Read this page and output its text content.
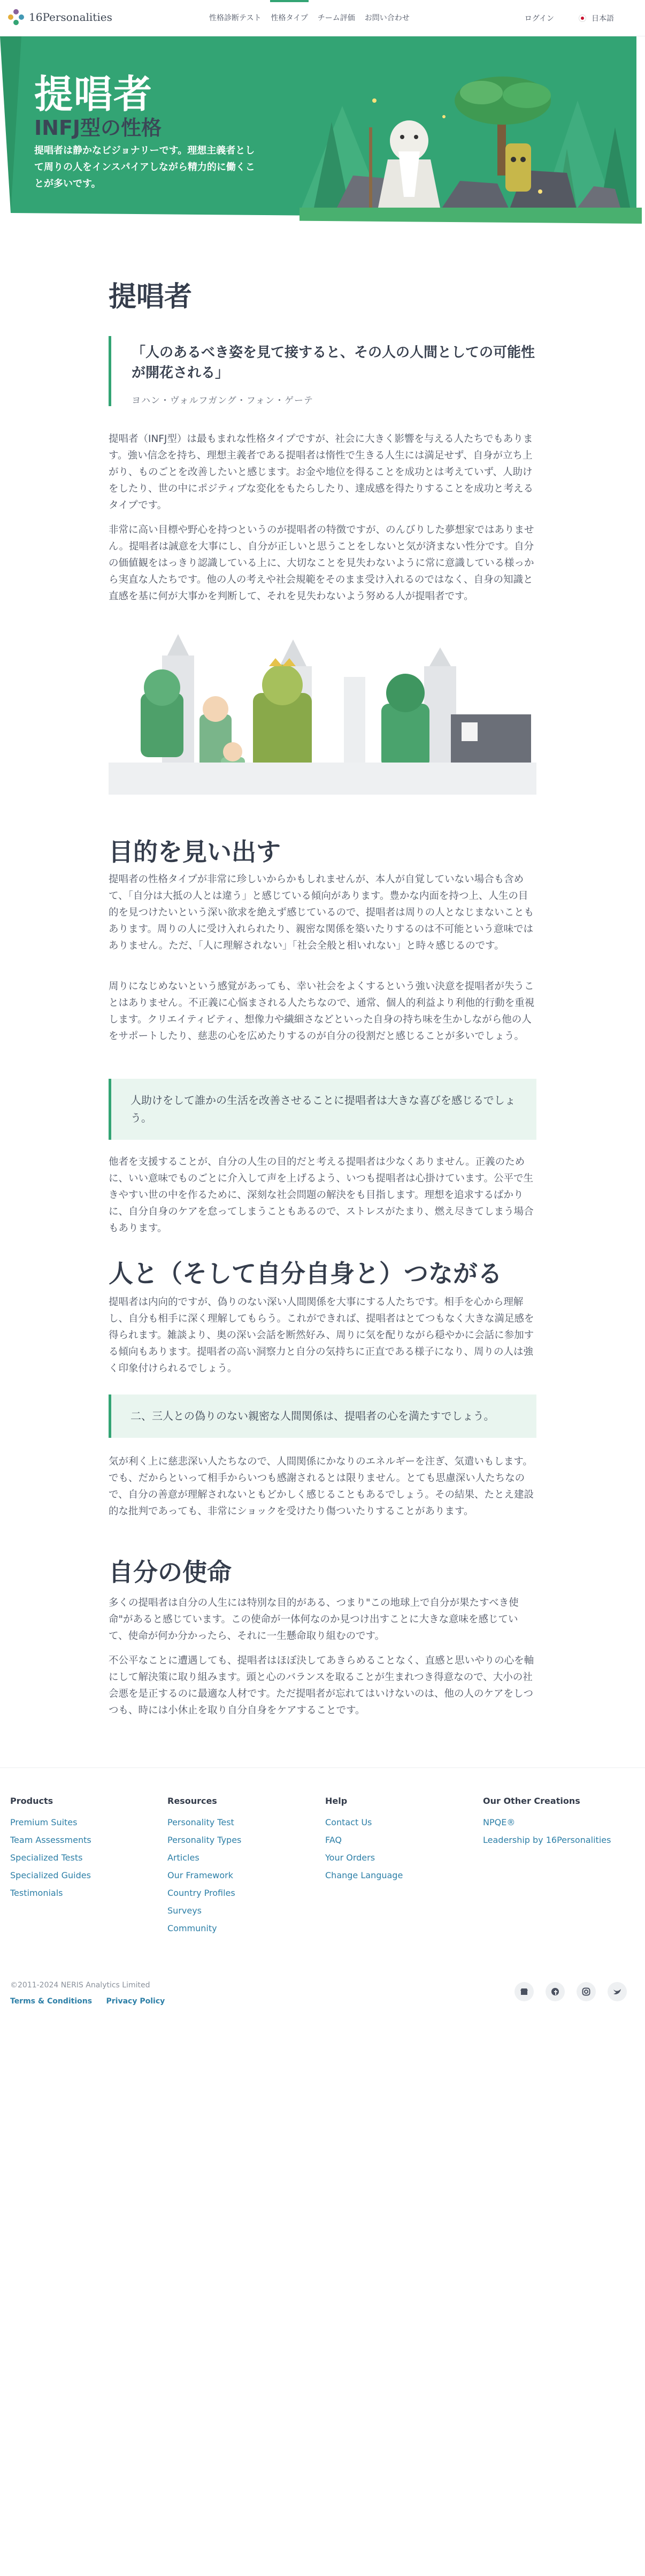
16Personalities	性格診断テスト	性格タイプ	チーム評価	お問い合わせ	ログイン	日本語
提唱者
INFJ型の性格

提唱者は静かなビジョナリーです。理想主義者として周りの人をインスパイアしながら精力的に働くことが多いです。

提唱者
「人のあるべき姿を見て接すると、その人の人間としての可能性が開花される」
ヨハン・ヴォルフガング・フォン・ゲーテ

提唱者（INFJ型）は最もまれな性格タイプですが、社会に大きく影響を与える人たちでもあります。強い信念を持ち、理想主義者である提唱者は惰性で生きる人生には満足せず、自身が立ち上がり、ものごとを改善したいと感じます。お金や地位を得ることを成功とは考えていず、人助けをしたり、世の中にポジティブな変化をもたらしたり、達成感を得たりすることを成功と考えるタイプです。

非常に高い目標や野心を持つというのが提唱者の特徴ですが、のんびりした夢想家ではありません。提唱者は誠意を大事にし、自分が正しいと思うことをしないと気が済まない性分です。自分の価値観をはっきり認識している上に、大切なことを見失わないように常に意識している様っから実直な人たちです。他の人の考えや社会規範をそのまま受け入れるのではなく、自身の知識と直感を基に何が大事かを判断して、それを見失わないよう努める人が提唱者です。

目的を見い出す

提唱者の性格タイプが非常に珍しいからかもしれませんが、本人が自覚していない場合も含めて、「自分は大抵の人とは違う」と感じている傾向があります。豊かな内面を持つ上、人生の目的を見つけたいという深い欲求を絶えず感じているので、提唱者は周りの人となじまないこともあります。周りの人に受け入れられたり、親密な関係を築いたりするのは不可能という意味ではありません。ただ、「人に理解されない」「社会全般と相いれない」と時々感じるのです。

周りになじめないという感覚があっても、幸い社会をよくするという強い決意を提唱者が失うことはありません。不正義に心悩まされる人たちなので、通常、個人的利益より利他的行動を重視します。クリエイティビティ、想像力や繊細さなどといった自身の持ち味を生かしながら他の人をサポートしたり、慈悲の心を広めたりするのが自分の役割だと感じることが多いでしょう。

人助けをして誰かの生活を改善させることに提唱者は大きな喜びを感じるでしょう。

他者を支援することが、自分の人生の目的だと考える提唱者は少なくありません。正義のために、いい意味でものごとに介入して声を上げるよう、いつも提唱者は心掛けています。公平で生きやすい世の中を作るために、深刻な社会問題の解決をも目指します。理想を追求するばかりに、自分自身のケアを怠ってしまうこともあるので、ストレスがたまり、燃え尽きてしまう場合もあります。

人と（そして自分自身と）つながる

提唱者は内向的ですが、偽りのない深い人間関係を大事にする人たちです。相手を心から理解し、自分も相手に深く理解してもらう。これができれば、提唱者はとてつもなく大きな満足感を得られます。雑談より、奥の深い会話を断然好み、周りに気を配りながら穏やかに会話に参加する傾向もあります。提唱者の高い洞察力と自分の気持ちに正直である様子になり、周りの人は強く印象付けられるでしょう。

二、三人との偽りのない親密な人間関係は、提唱者の心を満たすでしょう。

気が利く上に慈悲深い人たちなので、人間関係にかなりのエネルギーを注ぎ、気遣いもします。でも、だからといって相手からいつも感謝されるとは限りません。とても思慮深い人たちなので、自分の善意が理解されないともどかしく感じることもあるでしょう。その結果、たとえ建設的な批判であっても、非常にショックを受けたり傷ついたりすることがあります。

自分の使命

多くの提唱者は自分の人生には特別な目的がある、つまり"この地球上で自分が果たすべき使命"があると感じています。この使命が一体何なのか見つけ出すことに大きな意味を感じていて、使命が何か分かったら、それに一生懸命取り組むのです。

不公平なことに遭遇しても、提唱者はほぼ決してあきらめることなく、直感と思いやりの心を軸にして解決策に取り組みます。頭と心のバランスを取ることが生まれつき得意なので、大小の社会悪を是正するのに最適な人材です。ただ提唱者が忘れてはいけないのは、他の人のケアをしつつも、時には小休止を取り自分自身をケアすることです。

Products
Premium Suites
Team Assessments
Specialized Tests
Specialized Guides
Testimonials
Resources
Personality Test
Personality Types
Articles
Our Framework
Country Profiles
Surveys
Community
Help
Contact Us
FAQ
Your Orders
Change Language
Our Other Creations
NPQE®
Leadership by 16Personalities
©2011-2024 NERIS Analytics Limited
Terms & Conditions Privacy Policy
